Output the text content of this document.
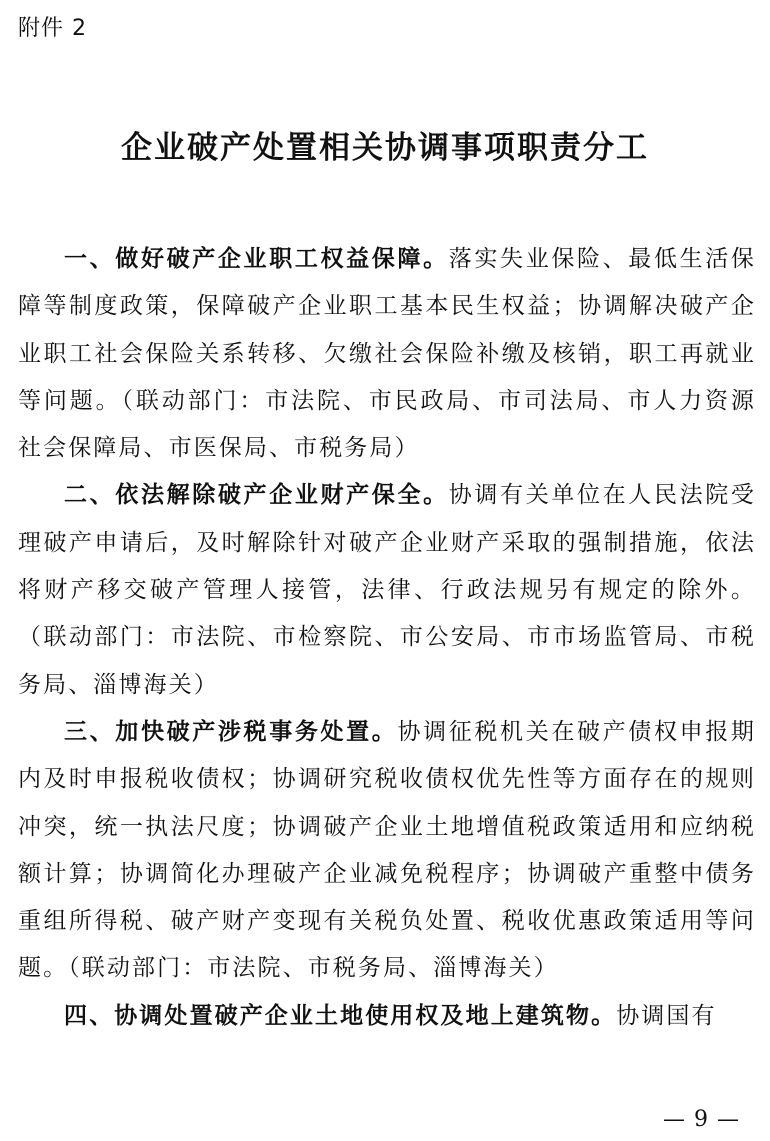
附件 2
企业破产处置相关协调事项职责分工

一、做好破产企业职工权益保障。落实失业保险、最低生活保障等制度政策，保障破产企业职工基本民生权益；协调解决破产企业职工社会保险关系转移、欠缴社会保险补缴及核销，职工再就业等问题。（联动部门：市法院、市民政局、市司法局、市人力资源社会保障局、市医保局、市税务局）

二、依法解除破产企业财产保全。协调有关单位在人民法院受理破产申请后，及时解除针对破产企业财产采取的强制措施，依法将财产移交破产管理人接管，法律、行政法规另有规定的除外。（联动部门：市法院、市检察院、市公安局、市市场监管局、市税务局、淄博海关）

三、加快破产涉税事务处置。协调征税机关在破产债权申报期内及时申报税收债权；协调研究税收债权优先性等方面存在的规则冲突，统一执法尺度；协调破产企业土地增值税政策适用和应纳税额计算；协调简化办理破产企业减免税程序；协调破产重整中债务重组所得税、破产财产变现有关税负处置、税收优惠政策适用等问题。（联动部门：市法院、市税务局、淄博海关）

四、协调处置破产企业土地使用权及地上建筑物。协调国有

— 9 —
